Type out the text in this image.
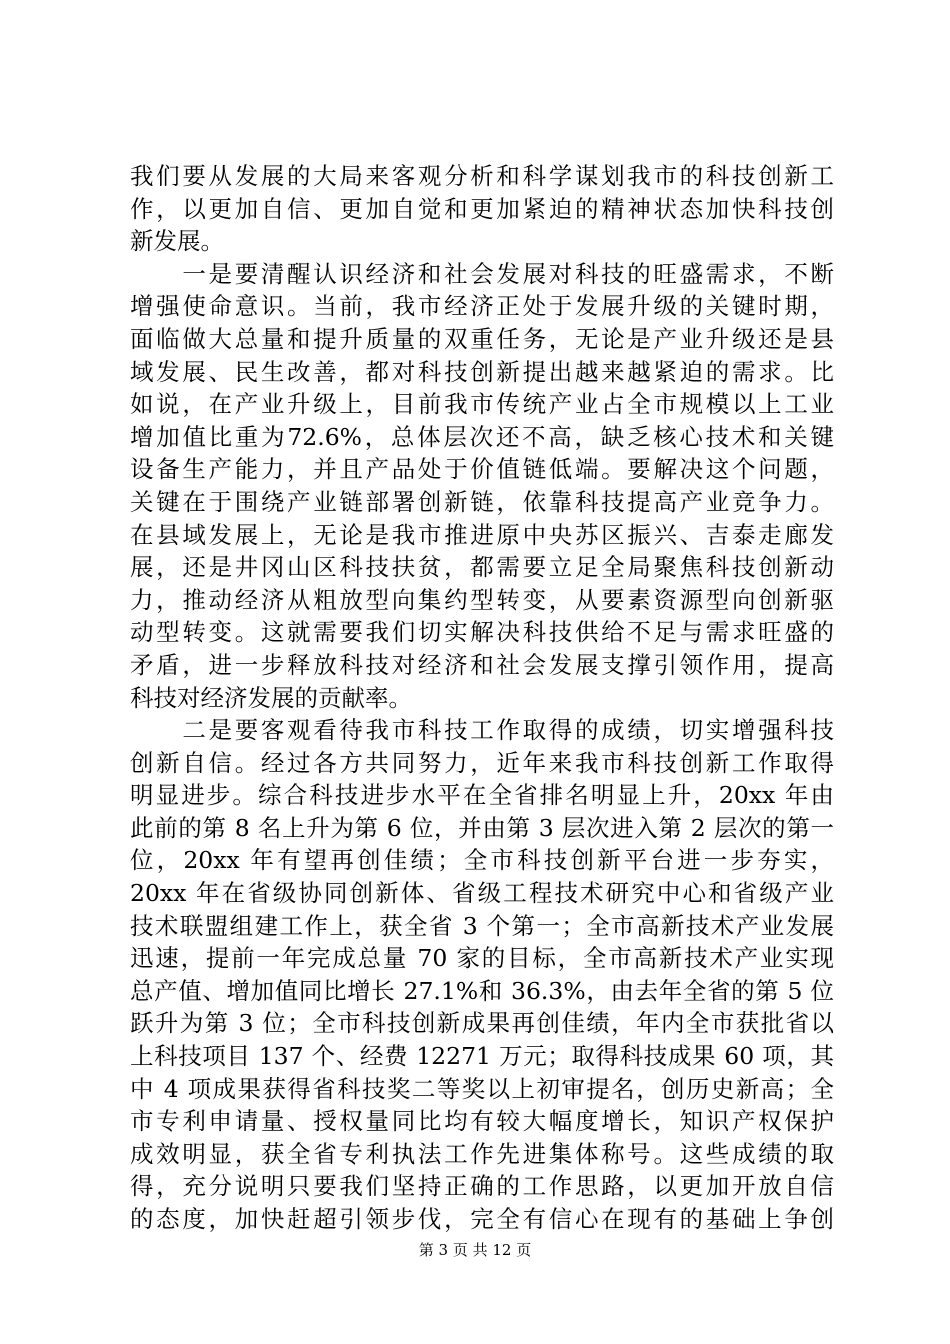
我们要从发展的大局来客观分析和科学谋划我市的科技创新工
作，以更加自信、更加自觉和更加紧迫的精神状态加快科技创
新发展。
　　一是要清醒认识经济和社会发展对科技的旺盛需求，不断
增强使命意识。当前，我市经济正处于发展升级的关键时期，
面临做大总量和提升质量的双重任务，无论是产业升级还是县
域发展、民生改善，都对科技创新提出越来越紧迫的需求。比
如说，在产业升级上，目前我市传统产业占全市规模以上工业
增加值比重为72.6%，总体层次还不高，缺乏核心技术和关键
设备生产能力，并且产品处于价值链低端。要解决这个问题，
关键在于围绕产业链部署创新链，依靠科技提高产业竞争力。
在县域发展上，无论是我市推进原中央苏区振兴、吉泰走廊发
展，还是井冈山区科技扶贫，都需要立足全局聚焦科技创新动
力，推动经济从粗放型向集约型转变，从要素资源型向创新驱
动型转变。这就需要我们切实解决科技供给不足与需求旺盛的
矛盾，进一步释放科技对经济和社会发展支撑引领作用，提高
科技对经济发展的贡献率。
　　二是要客观看待我市科技工作取得的成绩，切实增强科技
创新自信。经过各方共同努力，近年来我市科技创新工作取得
明显进步。综合科技进步水平在全省排名明显上升，20xx 年由
此前的第 8 名上升为第 6 位，并由第 3 层次进入第 2 层次的第一
位，20xx 年有望再创佳绩；全市科技创新平台进一步夯实，
20xx 年在省级协同创新体、省级工程技术研究中心和省级产业
技术联盟组建工作上，获全省 3 个第一；全市高新技术产业发展
迅速，提前一年完成总量 70 家的目标，全市高新技术产业实现
总产值、增加值同比增长 27.1%和 36.3%，由去年全省的第 5 位
跃升为第 3 位；全市科技创新成果再创佳绩，年内全市获批省以
上科技项目 137 个、经费 12271 万元；取得科技成果 60 项，其
中 4 项成果获得省科技奖二等奖以上初审提名，创历史新高；全
市专利申请量、授权量同比均有较大幅度增长，知识产权保护
成效明显，获全省专利执法工作先进集体称号。这些成绩的取
得，充分说明只要我们坚持正确的工作思路，以更加开放自信
的态度，加快赶超引领步伐，完全有信心在现有的基础上争创
第 3 页 共 12 页
